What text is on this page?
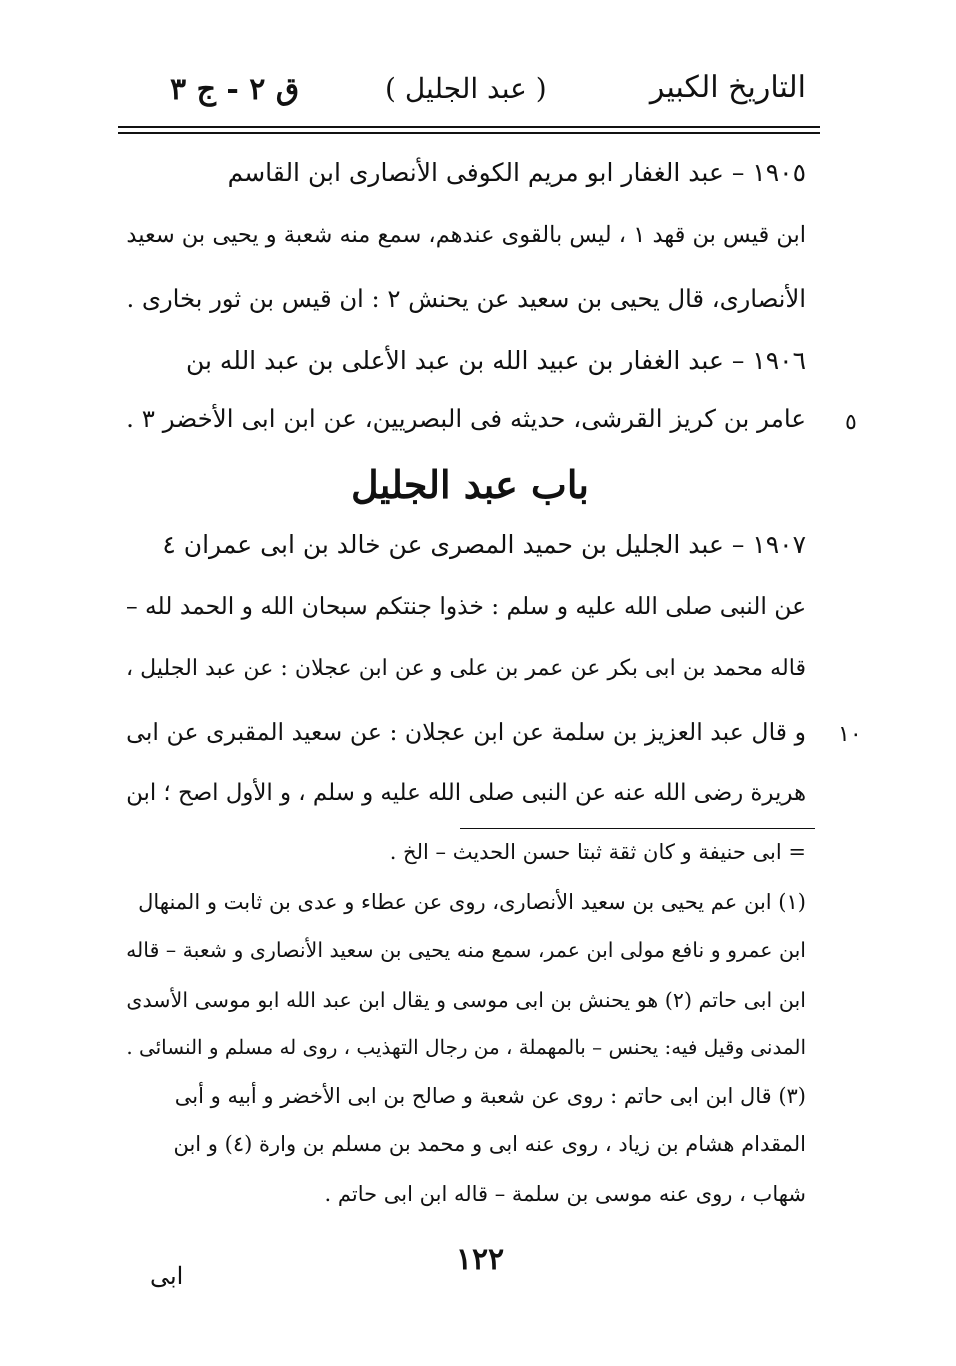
التاريخ الكبير
( عبد الجليل )
ق ٢ - ج ٣
١٩٠٥ – عبد الغفار ابو مريم الكوفى الأنصارى ابن القاسم
ابن قيس بن قهد ١ ، ليس بالقوى عندهم، سمع منه شعبة و يحيى بن سعيد
الأنصارى، قال يحيى بن سعيد عن يحنش ٢ : ان قيس بن ثور بخارى .
١٩٠٦ – عبد الغفار بن عبيد الله بن عبد الأعلى بن عبد الله بن
عامر بن كريز القرشى، حديثه فى البصريين، عن ابن ابى الأخضر ٣ . ٥
باب عبد الجليل
١٩٠٧ – عبد الجليل بن حميد المصرى عن خالد بن ابى عمران ٤
عن النبى صلى الله عليه و سلم : خذوا جنتكم سبحان الله و الحمد لله –
قاله محمد بن ابى بكر عن عمر بن على و عن ابن عجلان : عن عبد الجليل ،
و قال عبد العزيز بن سلمة عن ابن عجلان : عن سعيد المقبرى عن ابى
هريرة رضى الله عنه عن النبى صلى الله عليه و سلم ، و الأول اصح ؛ ابن
١٠
= ابى حنيفة و كان ثقة ثبتا حسن الحديث – الخ .
(١) ابن عم يحيى بن سعيد الأنصارى، روى عن عطاء و عدى بن ثابت و المنهال
ابن عمرو و نافع مولى ابن عمر، سمع منه يحيى بن سعيد الأنصارى و شعبة – قاله
ابن ابى حاتم (٢) هو يحنش بن ابى موسى و يقال ابن عبد الله ابو موسى الأسدى
المدنى وقيل فيه: يحنس – بالمهملة ، من رجال التهذيب ، روى له مسلم و النسائى .
(٣) قال ابن ابى حاتم : روى عن شعبة و صالح بن ابى الأخضر و أبيه و أبى
المقدام هشام بن زياد ، روى عنه ابى و محمد بن مسلم بن وارة (٤) و ابن
شهاب ، روى عنه موسى بن سلمة – قاله ابن ابى حاتم .
١٢٢
ابى
